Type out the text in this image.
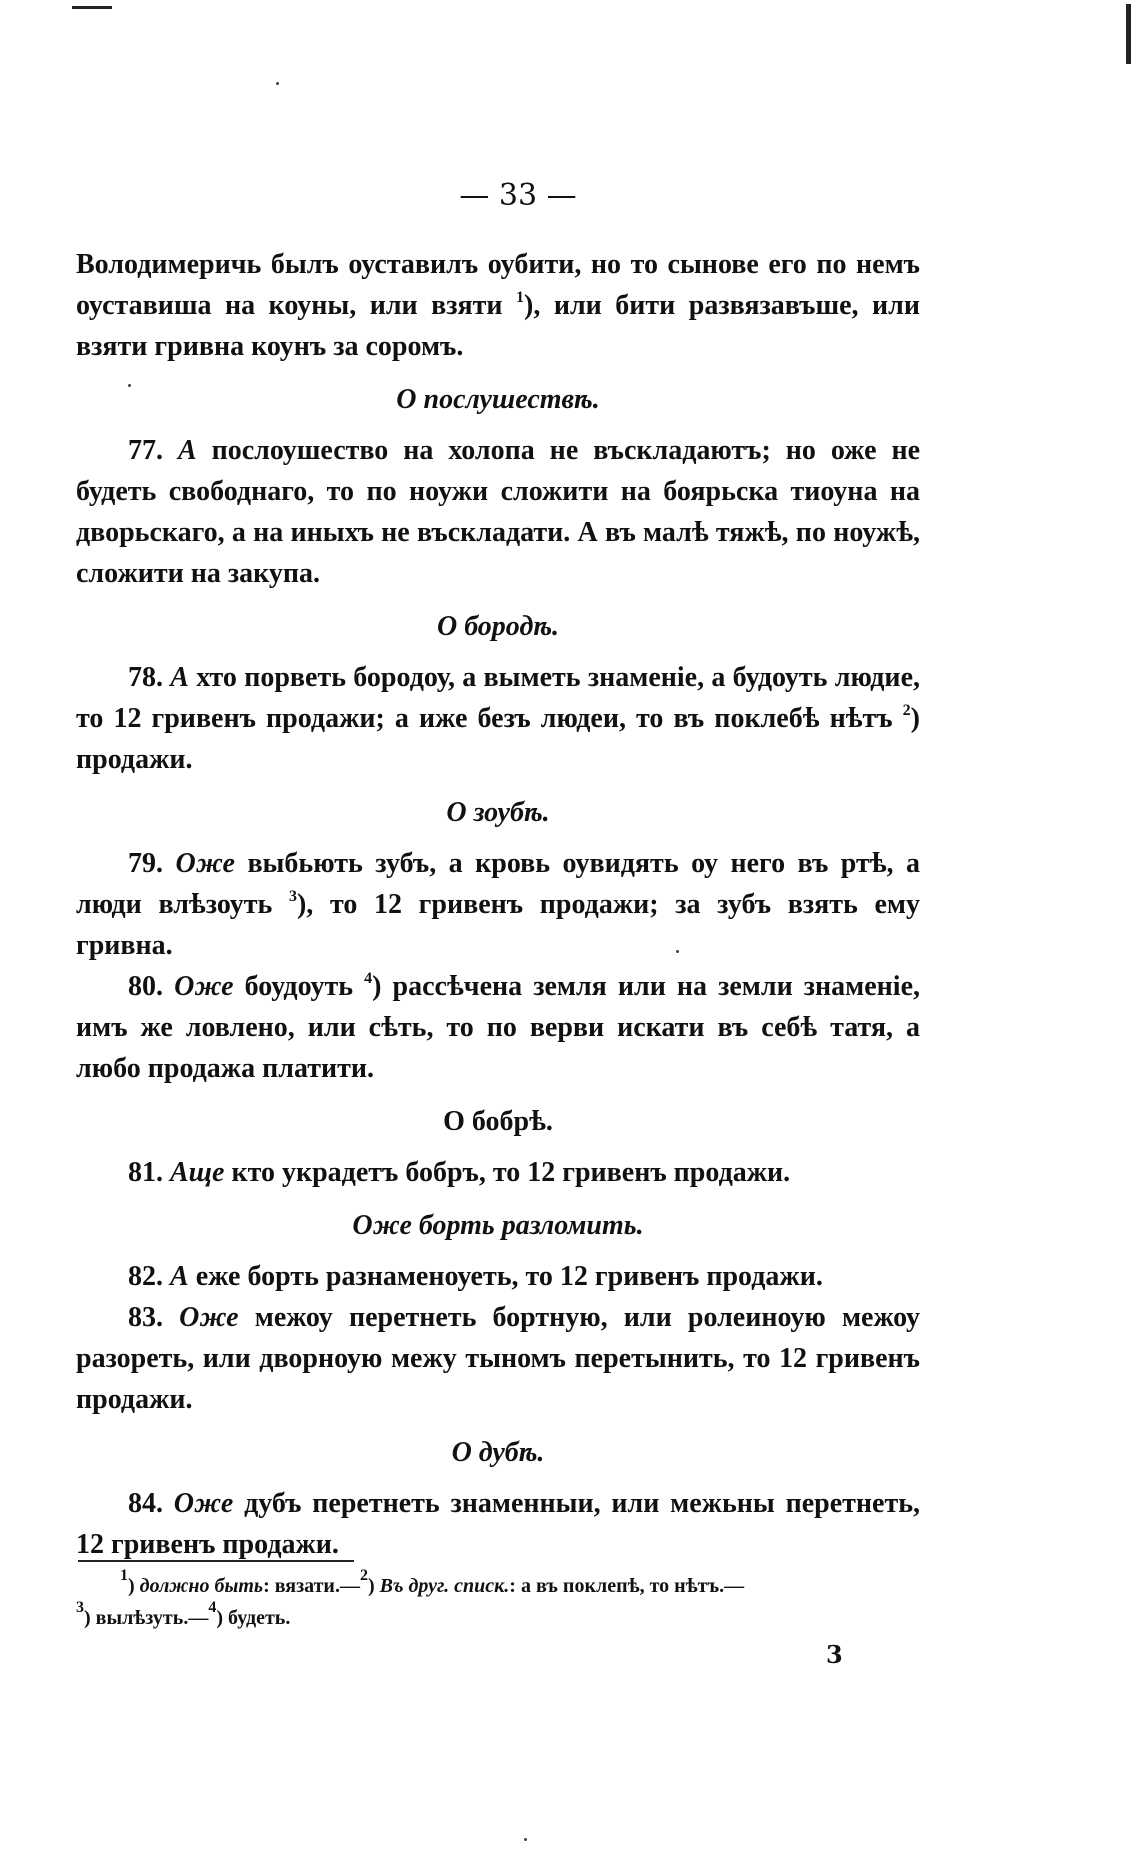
— 33 —

Володимеричь былъ оуставилъ оубити, но то сынове его по немъ оуставиша на коуны, или взяти $^1$), или бити развязавъше, или взяти гривна коунъ за соромъ.

О послушествѣ.

77. А послоушество на холопа не въскладаютъ; но оже не будеть свободнаго, то по ноужи сложити на боярьска тиоуна на дворьскаго, а на иныхъ не въскладати. А въ малѣ тяжѣ, по ноужѣ, сложити на закупа.

О бородѣ.

78. А хто порветь бородоу, а выметь знаменіе, а будоуть людие, то 12 гривенъ продажи; а иже безъ людеи, то въ поклебѣ нѣтъ $^2$) продажи.

О зоубѣ.

79. Оже выбьють зубъ, а кровь оувидять оу него въ ртѣ, а люди влѣзоуть $^3$), то 12 гривенъ продажи; за зубъ взять ему гривна.

80. Оже боудоуть $^4$) рассѣчена земля или на земли знаменіе, имъ же ловлено, или сѣть, то по верви искати въ себѣ татя, а любо продажа платити.

О бобрѣ.

81. Аще кто украдетъ бобръ, то 12 гривенъ продажи.

Оже борть разломить.

82. А еже борть разнаменоуеть, то 12 гривенъ продажи.

83. Оже межоу перетнеть бортную, или ролеиноую межоу разореть, или дворноую межу тыномъ перетынить, то 12 гривенъ продажи.

О дубѣ.

84. Оже дубъ перетнеть знаменныи, или межьны перетнеть, 12 гривенъ продажи.

$^1$) должно быть: вязати.—$^2$) Въ друг. списк.: а въ поклепѣ, то нѣтъ.—

$^3$) вылѣзуть.—$^4$) будеть.

3
